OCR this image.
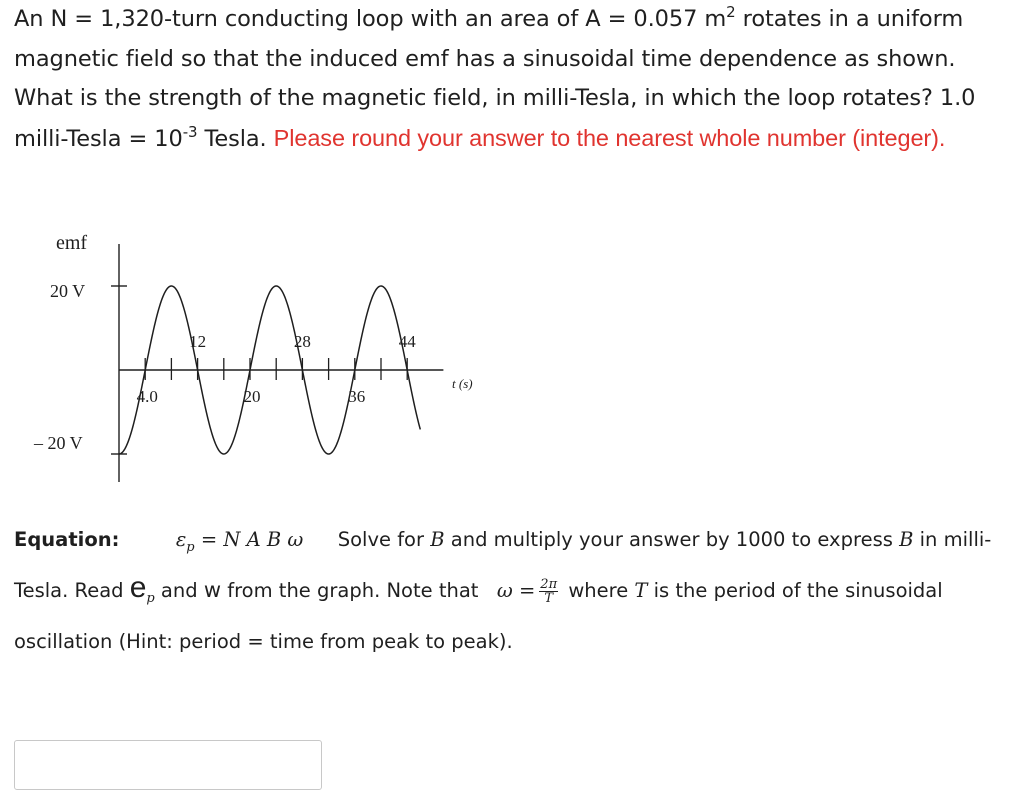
An N = 1,320-turn conducting loop with an area of A = 0.057 $m^2$ rotates in a uniform magnetic field so that the induced emf has a sinusoidal time dependence as shown. What is the strength of the magnetic field, in milli-Tesla, in which the loop rotates? 1.0 milli-Tesla = $10^{-3}$ Tesla. Please round your answer to the nearest whole number (integer).
emf
20 V
– 20 V
t (s)
12	28	44
4.0	20	36
Equation:	$\varepsilon_p = N$ A B ω Solve for B and multiply your answer by 1000 to express B in milli-Tesla. Read $e_p$ and w from the graph. Note that  $\omega = \frac{2\pi}{T}$ where T is the period of the sinusoidal oscillation (Hint: period = time from peak to peak).
